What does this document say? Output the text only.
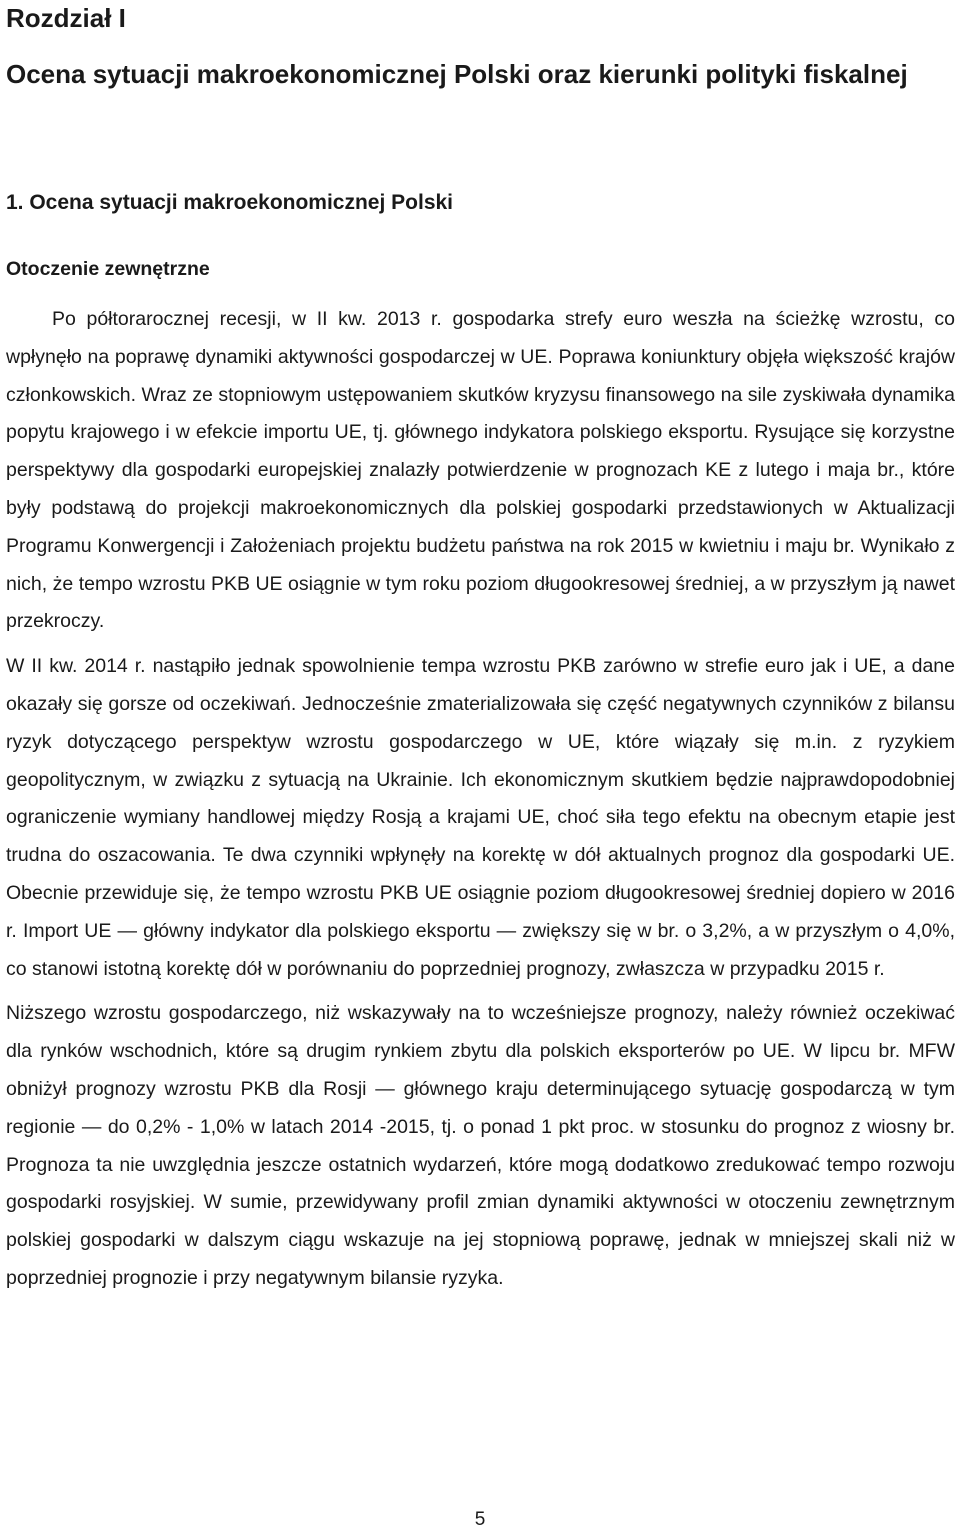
Rozdział I
Ocena sytuacji makroekonomicznej Polski oraz kierunki polityki fiskalnej
1. Ocena sytuacji makroekonomicznej Polski
Otoczenie zewnętrzne

Po półtorarocznej recesji, w II kw. 2013 r. gospodarka strefy euro weszła na ścieżkę wzrostu, co wpłynęło na poprawę dynamiki aktywności gospodarczej w UE. Poprawa koniunktury objęła większość krajów członkowskich. Wraz ze stopniowym ustępowaniem skutków kryzysu finansowego na sile zyskiwała dynamika popytu krajowego i w efekcie importu UE, tj. głównego indykatora polskiego eksportu. Rysujące się korzystne perspektywy dla gospodarki europejskiej znalazły potwierdzenie w prognozach KE z lutego i maja br., które były podstawą do projekcji makroekonomicznych dla polskiej gospodarki przedstawionych w Aktualizacji Programu Konwergencji i Założeniach projektu budżetu państwa na rok 2015 w kwietniu i maju br. Wynikało z nich, że tempo wzrostu PKB UE osiągnie w tym roku poziom długookresowej średniej, a w przyszłym ją nawet przekroczy.

W II kw. 2014 r. nastąpiło jednak spowolnienie tempa wzrostu PKB zarówno w strefie euro jak i UE, a dane okazały się gorsze od oczekiwań. Jednocześnie zmaterializowała się część negatywnych czynników z bilansu ryzyk dotyczącego perspektyw wzrostu gospodarczego w UE, które wiązały się m.in. z ryzykiem geopolitycznym, w związku z sytuacją na Ukrainie. Ich ekonomicznym skutkiem będzie najprawdopodobniej ograniczenie wymiany handlowej między Rosją a krajami UE, choć siła tego efektu na obecnym etapie jest trudna do oszacowania. Te dwa czynniki wpłynęły na korektę w dół aktualnych prognoz dla gospodarki UE. Obecnie przewiduje się, że tempo wzrostu PKB UE osiągnie poziom długookresowej średniej dopiero w 2016 r. Import UE — główny indykator dla polskiego eksportu — zwiększy się w br. o 3,2%, a w przyszłym o 4,0%, co stanowi istotną korektę dół w porównaniu do poprzedniej prognozy, zwłaszcza w przypadku 2015 r.

Niższego wzrostu gospodarczego, niż wskazywały na to wcześniejsze prognozy, należy również oczekiwać dla rynków wschodnich, które są drugim rynkiem zbytu dla polskich eksporterów po UE. W lipcu br. MFW obniżył prognozy wzrostu PKB dla Rosji — głównego kraju determinującego sytuację gospodarczą w tym regionie — do 0,2% - 1,0% w latach 2014 -2015, tj. o ponad 1 pkt proc. w stosunku do prognoz z wiosny br. Prognoza ta nie uwzględnia jeszcze ostatnich wydarzeń, które mogą dodatkowo zredukować tempo rozwoju gospodarki rosyjskiej. W sumie, przewidywany profil zmian dynamiki aktywności w otoczeniu zewnętrznym polskiej gospodarki w dalszym ciągu wskazuje na jej stopniową poprawę, jednak w mniejszej skali niż w poprzedniej prognozie i przy negatywnym bilansie ryzyka.

5
